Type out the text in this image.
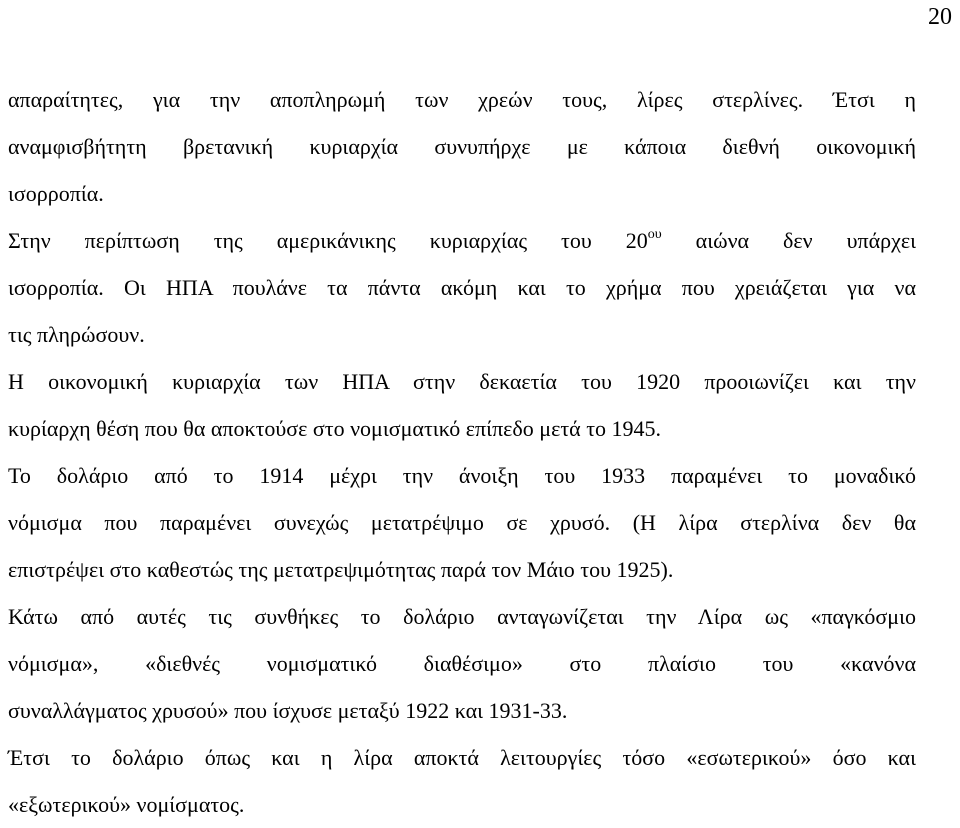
20
απαραίτητες, για την αποπληρωμή των χρεών τους, λίρες στερλίνες. Έτσι η
αναμφισβήτητη βρετανική κυριαρχία συνυπήρχε με κάποια διεθνή οικονομική
ισορροπία.
Στην περίπτωση της αμερικάνικης κυριαρχίας του $20^{o\upsilon}$ αιώνα δεν υπάρχει
ισορροπία. Οι ΗΠΑ πουλάνε τα πάντα ακόμη και το χρήμα που χρειάζεται για να
τις πληρώσουν.
Η οικονομική κυριαρχία των ΗΠΑ στην δεκαετία του 1920 προοιωνίζει και την
κυρίαρχη θέση που θα αποκτούσε στο νομισματικό επίπεδο μετά το 1945.
Το δολάριο από το 1914 μέχρι την άνοιξη του 1933 παραμένει το μοναδικό
νόμισμα που παραμένει συνεχώς μετατρέψιμο σε χρυσό. (Η λίρα στερλίνα δεν θα
επιστρέψει στο καθεστώς της μετατρεψιμότητας παρά τον Μάιο του 1925).
Κάτω από αυτές τις συνθήκες το δολάριο ανταγωνίζεται την Λίρα ως «παγκόσμιο
νόμισμα», «διεθνές νομισματικό διαθέσιμο» στο πλαίσιο του «κανόνα
συναλλάγματος χρυσού» που ίσχυσε μεταξύ 1922 και 1931-33.
Έτσι το δολάριο όπως και η λίρα αποκτά λειτουργίες τόσο «εσωτερικού» όσο και
«εξωτερικού» νομίσματος.
